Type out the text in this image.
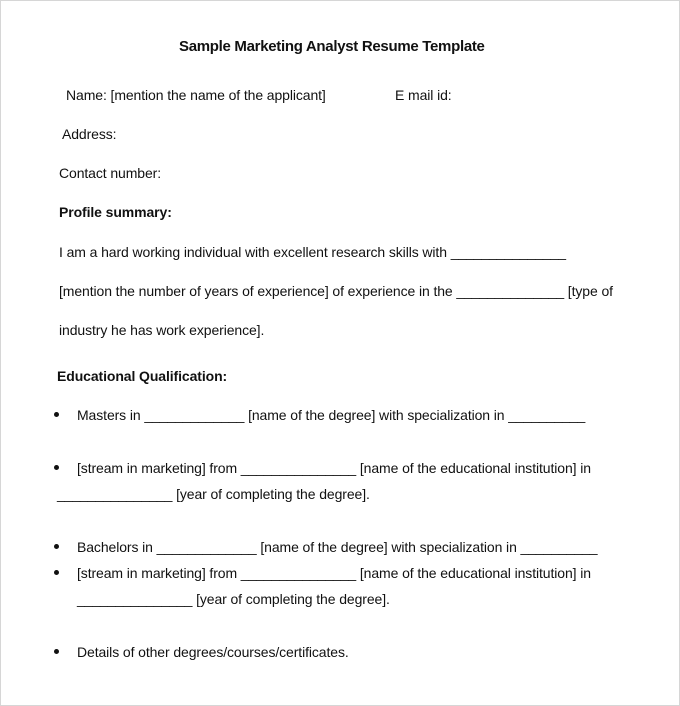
Sample Marketing Analyst Resume Template
Name: [mention the name of the applicant]	E mail id:
Address:
Contact number:
Profile summary:
I am a hard working individual with excellent research skills with _______________
[mention the number of years of experience] of experience in the ______________ [type of
industry he has work experience].
Educational Qualification:
Masters in _____________ [name of the degree] with specialization in __________
[stream in marketing] from _______________ [name of the educational institution] in
_______________ [year of completing the degree].
Bachelors in _____________ [name of the degree] with specialization in __________
[stream in marketing] from _______________ [name of the educational institution] in
_______________ [year of completing the degree].
Details of other degrees/courses/certificates.
